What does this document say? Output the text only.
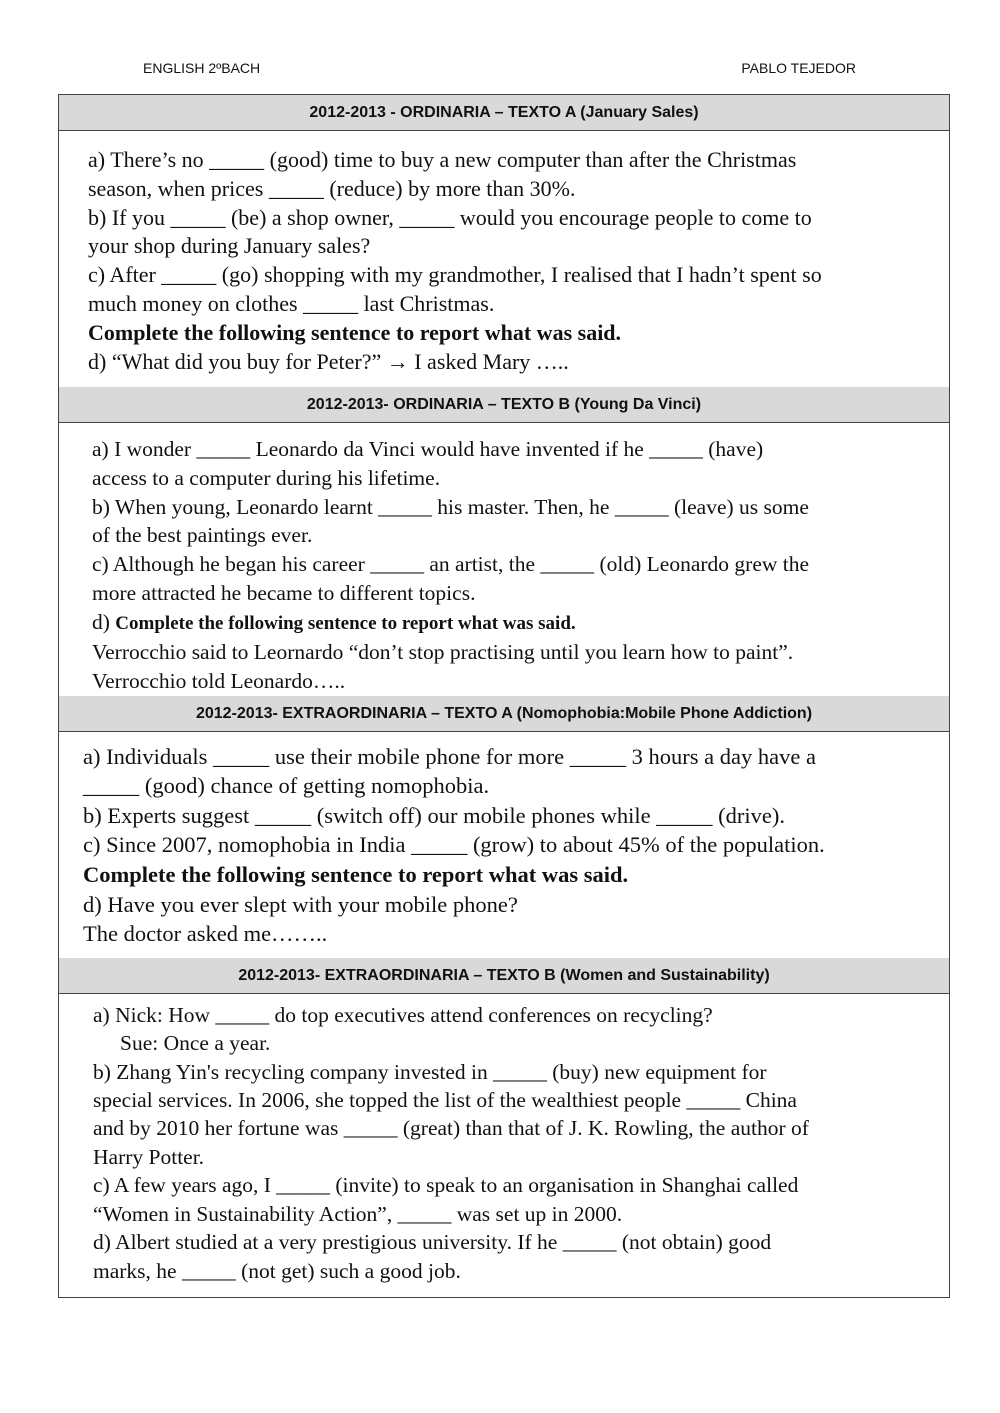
ENGLISH 2ºBACH	PABLO TEJEDOR
2012-2013 - ORDINARIA – TEXTO A (January Sales)
a) There’s no _____ (good) time to buy a new computer than after the Christmas
season, when prices _____ (reduce) by more than 30%.
b) If you _____ (be) a shop owner, _____ would you encourage people to come to
your shop during January sales?
c) After _____ (go) shopping with my grandmother, I realised that I hadn’t spent so
much money on clothes _____ last Christmas.
Complete the following sentence to report what was said.
d) “What did you buy for Peter?” → I asked Mary …..
2012-2013- ORDINARIA – TEXTO B (Young Da Vinci)
a) I wonder _____ Leonardo da Vinci would have invented if he _____ (have)
access to a computer during his lifetime.
b) When young, Leonardo learnt _____ his master. Then, he _____ (leave) us some
of the best paintings ever.
c) Although he began his career _____ an artist, the _____ (old) Leonardo grew the
more attracted he became to different topics.
d) Complete the following sentence to report what was said.
Verrocchio said to Leornardo “don’t stop practising until you learn how to paint”.
Verrocchio told Leonardo…..
2012-2013- EXTRAORDINARIA – TEXTO A (Nomophobia:Mobile Phone Addiction)
a) Individuals _____ use their mobile phone for more _____ 3 hours a day have a
_____ (good) chance of getting nomophobia.
b) Experts suggest _____ (switch off) our mobile phones while _____ (drive).
c) Since 2007, nomophobia in India _____ (grow) to about 45% of the population.
Complete the following sentence to report what was said.
d) Have you ever slept with your mobile phone?
The doctor asked me……..
2012-2013- EXTRAORDINARIA – TEXTO B (Women and Sustainability)
a) Nick: How _____ do top executives attend conferences on recycling?
Sue: Once a year.
b) Zhang Yin's recycling company invested in _____ (buy) new equipment for
special services. In 2006, she topped the list of the wealthiest people _____ China
and by 2010 her fortune was _____ (great) than that of J. K. Rowling, the author of
Harry Potter.
c) A few years ago, I _____ (invite) to speak to an organisation in Shanghai called
“Women in Sustainability Action”, _____ was set up in 2000.
d) Albert studied at a very prestigious university. If he _____ (not obtain) good
marks, he _____ (not get) such a good job.
